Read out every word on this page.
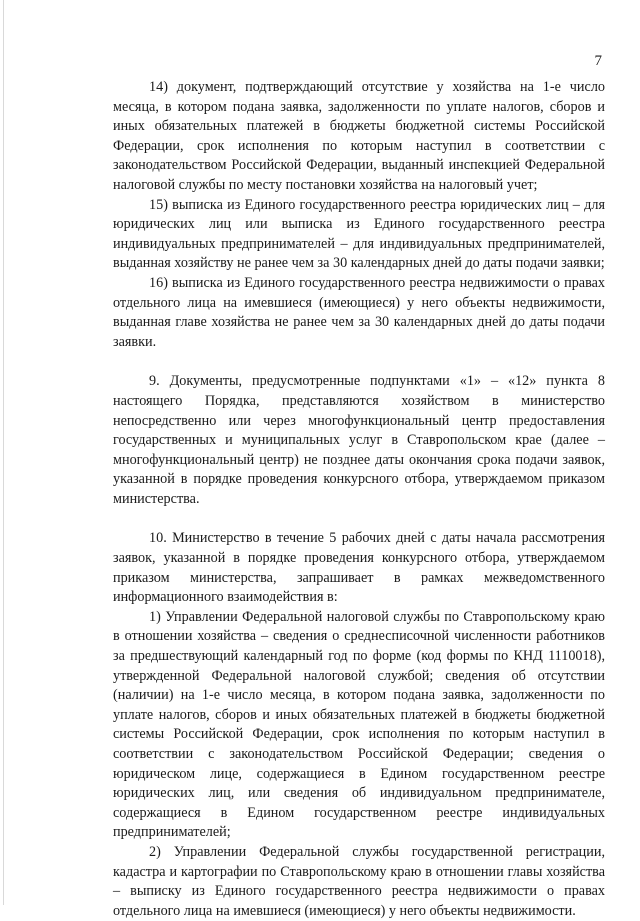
7

14) документ, подтверждающий отсутствие у хозяйства на 1-е число месяца, в котором подана заявка, задолженности по уплате налогов, сборов и иных обязательных платежей в бюджеты бюджетной системы Российской Федерации, срок исполнения по которым наступил в соответствии с законодательством Российской Федерации, выданный инспекцией Федеральной налоговой службы по месту постановки хозяйства на налоговый учет;

15) выписка из Единого государственного реестра юридических лиц – для юридических лиц или выписка из Единого государственного реестра индивидуальных предпринимателей – для индивидуальных предпринимателей, выданная хозяйству не ранее чем за 30 календарных дней до даты подачи заявки;

16) выписка из Единого государственного реестра недвижимости о правах отдельного лица на имевшиеся (имеющиеся) у него объекты недвижимости, выданная главе хозяйства не ранее чем за 30 календарных дней до даты подачи заявки.

9. Документы, предусмотренные подпунктами «1» – «12» пункта 8 настоящего Порядка, представляются хозяйством в министерство непосредственно или через многофункциональный центр предоставления государственных и муниципальных услуг в Ставропольском крае (далее – многофункциональный центр) не позднее даты окончания срока подачи заявок, указанной в порядке проведения конкурсного отбора, утверждаемом приказом министерства.

10. Министерство в течение 5 рабочих дней с даты начала рассмотрения заявок, указанной в порядке проведения конкурсного отбора, утверждаемом приказом министерства, запрашивает в рамках межведомственного информационного взаимодействия в:

1) Управлении Федеральной налоговой службы по Ставропольскому краю в отношении хозяйства – сведения о среднесписочной численности работников за предшествующий календарный год по форме (код формы по КНД 1110018), утвержденной Федеральной налоговой службой; сведения об отсутствии (наличии) на 1-е число месяца, в котором подана заявка, задолженности по уплате налогов, сборов и иных обязательных платежей в бюджеты бюджетной системы Российской Федерации, срок исполнения по которым наступил в соответствии с законодательством Российской Федерации; сведения о юридическом лице, содержащиеся в Едином государственном реестре юридических лиц, или сведения об индивидуальном предпринимателе, содержащиеся в Едином государственном реестре индивидуальных предпринимателей;

2) Управлении Федеральной службы государственной регистрации, кадастра и картографии по Ставропольскому краю в отношении главы хозяйства – выписку из Единого государственного реестра недвижимости о правах отдельного лица на имевшиеся (имеющиеся) у него объекты недвижимости.
